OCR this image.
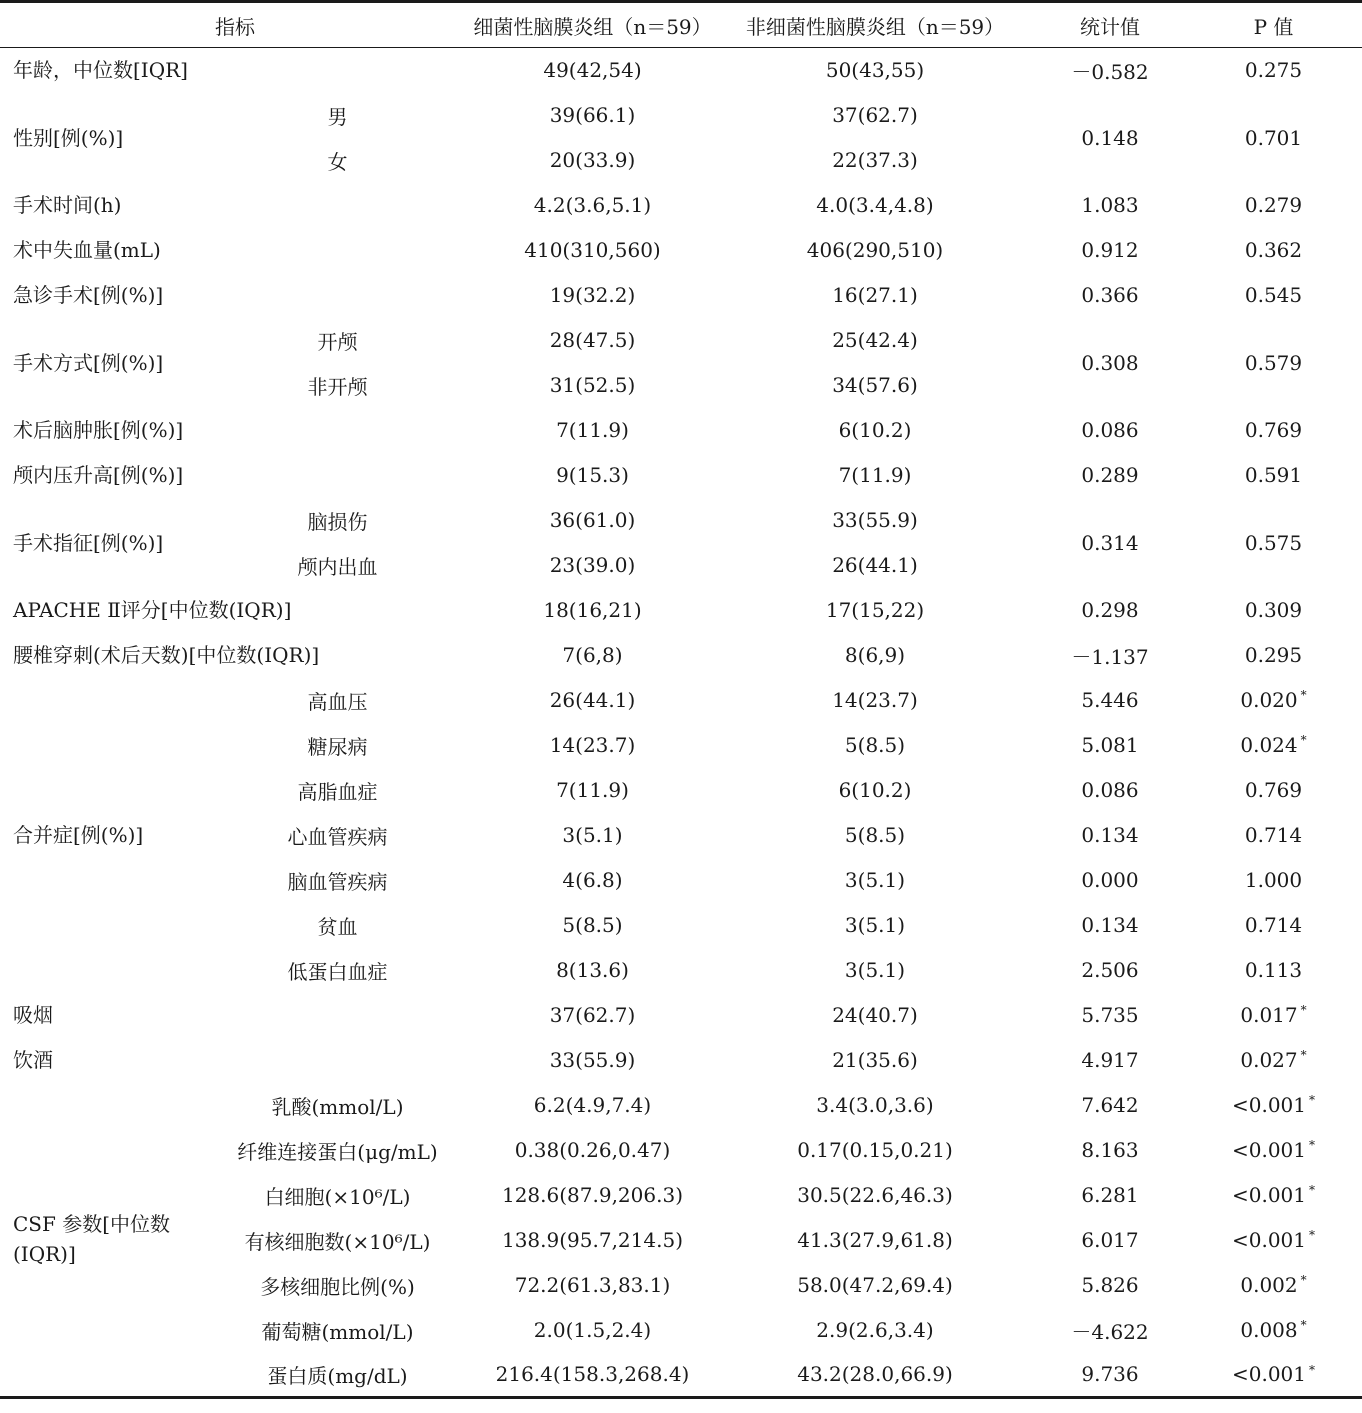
指标		细菌性脑膜炎组（n＝59）	非细菌性脑膜炎组（n＝59）	统计值	P 值
年龄，中位数[IQR]		49(42,54)	50(43,55)	－0.582	0.275
性别[例(%)]	男	39(66.1)	37(62.7)	0.148	0.701
	女	20(33.9)	22(37.3)		
手术时间(h)		4.2(3.6,5.1)	4.0(3.4,4.8)	1.083	0.279
术中失血量(mL)		410(310,560)	406(290,510)	0.912	0.362
急诊手术[例(%)]		19(32.2)	16(27.1)	0.366	0.545
手术方式[例(%)]	开颅	28(47.5)	25(42.4)	0.308	0.579
	非开颅	31(52.5)	34(57.6)		
术后脑肿胀[例(%)]		7(11.9)	6(10.2)	0.086	0.769
颅内压升高[例(%)]		9(15.3)	7(11.9)	0.289	0.591
手术指征[例(%)]	脑损伤	36(61.0)	33(55.9)	0.314	0.575
	颅内出血	23(39.0)	26(44.1)		
APACHE Ⅱ评分[中位数(IQR)]		18(16,21)	17(15,22)	0.298	0.309
腰椎穿刺(术后天数)[中位数(IQR)]		7(6,8)	8(6,9)	－1.137	0.295
合并症[例(%)]	高血压	26(44.1)	14(23.7)	5.446	0.020 *
	糖尿病	14(23.7)	5(8.5)	5.081	0.024 *
	高脂血症	7(11.9)	6(10.2)	0.086	0.769
	心血管疾病	3(5.1)	5(8.5)	0.134	0.714
	脑血管疾病	4(6.8)	3(5.1)	0.000	1.000
	贫血	5(8.5)	3(5.1)	0.134	0.714
	低蛋白血症	8(13.6)	3(5.1)	2.506	0.113
吸烟		37(62.7)	24(40.7)	5.735	0.017 *
饮酒		33(55.9)	21(35.6)	4.917	0.027 *
CSF 参数[中位数(IQR)]	乳酸(mmol/L)	6.2(4.9,7.4)	3.4(3.0,3.6)	7.642	<0.001 *
	纤维连接蛋白(μg/mL)	0.38(0.26,0.47)	0.17(0.15,0.21)	8.163	<0.001 *
	白细胞(×10⁶/L)	128.6(87.9,206.3)	30.5(22.6,46.3)	6.281	<0.001 *
	有核细胞数(×10⁶/L)	138.9(95.7,214.5)	41.3(27.9,61.8)	6.017	<0.001 *
	多核细胞比例(%)	72.2(61.3,83.1)	58.0(47.2,69.4)	5.826	0.002 *
	葡萄糖(mmol/L)	2.0(1.5,2.4)	2.9(2.6,3.4)	－4.622	0.008 *
	蛋白质(mg/dL)	216.4(158.3,268.4)	43.2(28.0,66.9)	9.736	<0.001 *
